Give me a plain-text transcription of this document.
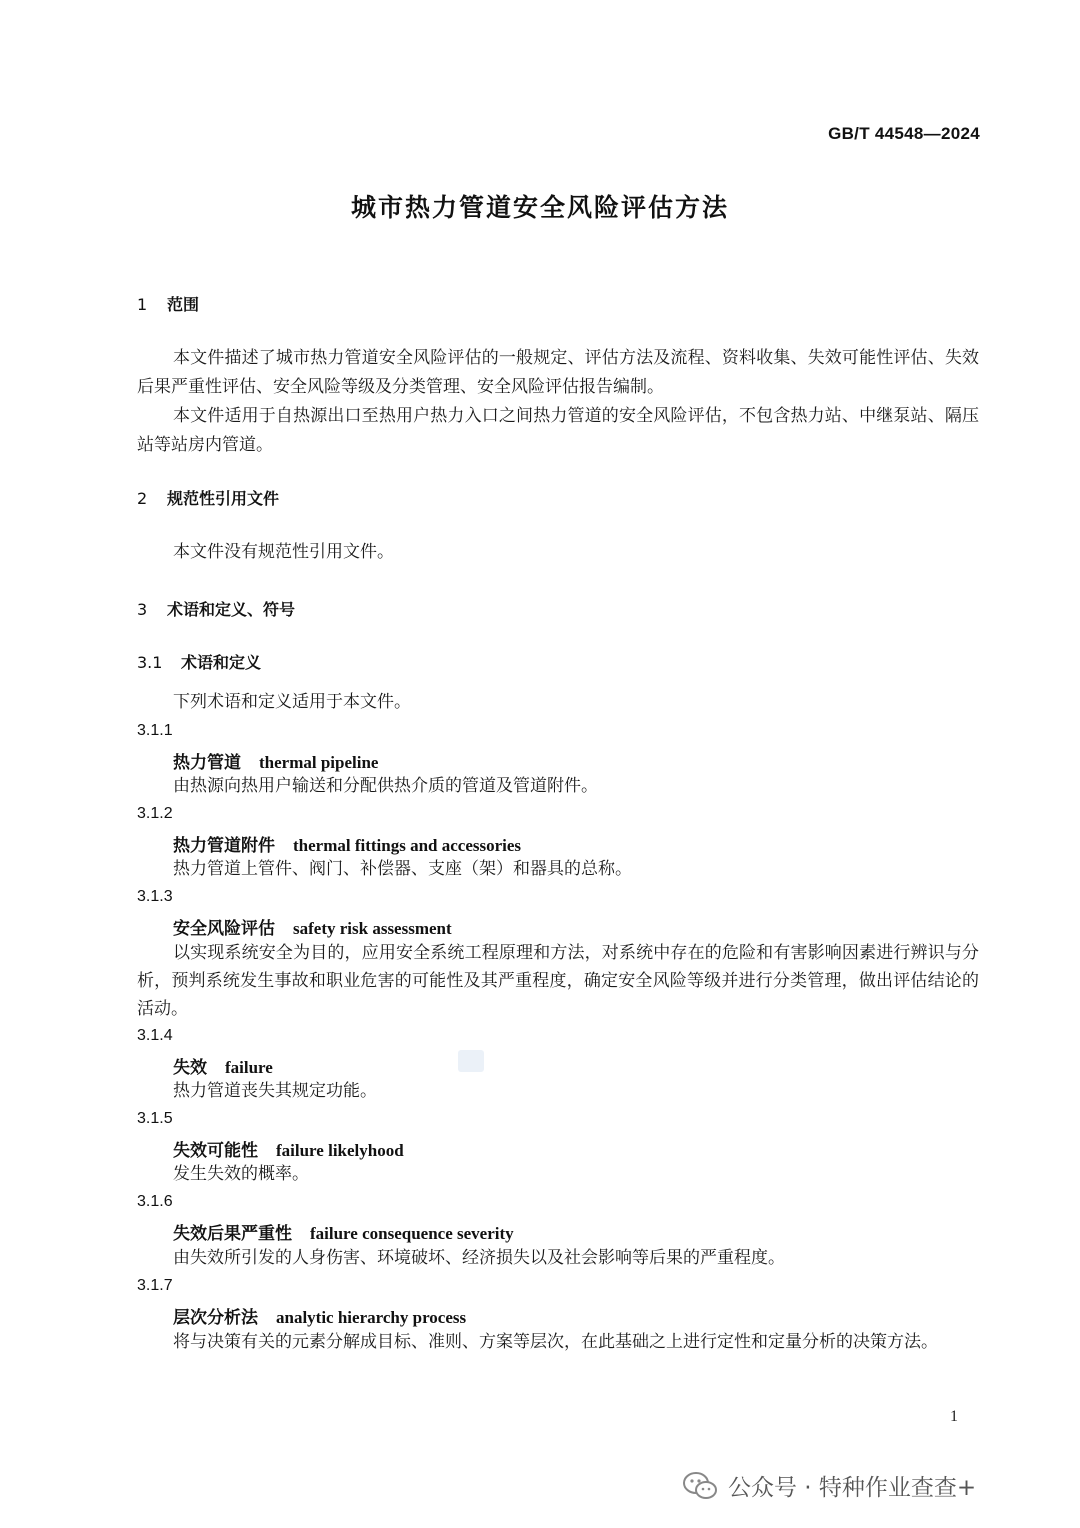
GB/T 44548—2024
城市热力管道安全风险评估方法
1 范围
本文件描述了城市热力管道安全风险评估的一般规定、评估方法及流程、资料收集、失效可能性评估、失效后果严重性评估、安全风险等级及分类管理、安全风险评估报告编制。
本文件适用于自热源出口至热用户热力入口之间热力管道的安全风险评估，不包含热力站、中继泵站、隔压站等站房内管道。
2 规范性引用文件
本文件没有规范性引用文件。
3 术语和定义、符号
3.1 术语和定义
下列术语和定义适用于本文件。
3.1.1
热力管道 thermal pipeline
由热源向热用户输送和分配供热介质的管道及管道附件。
3.1.2
热力管道附件 thermal fittings and accessories
热力管道上管件、阀门、补偿器、支座（架）和器具的总称。
3.1.3
安全风险评估 safety risk assessment
以实现系统安全为目的，应用安全系统工程原理和方法，对系统中存在的危险和有害影响因素进行辨识与分析，预判系统发生事故和职业危害的可能性及其严重程度，确定安全风险等级并进行分类管理，做出评估结论的活动。
3.1.4
失效 failure
热力管道丧失其规定功能。
3.1.5
失效可能性 failure likelyhood
发生失效的概率。
3.1.6
失效后果严重性 failure consequence severity
由失效所引发的人身伤害、环境破坏、经济损失以及社会影响等后果的严重程度。
3.1.7
层次分析法 analytic hierarchy process
将与决策有关的元素分解成目标、准则、方案等层次，在此基础之上进行定性和定量分析的决策方法。
1
公众号 · 特种作业查查+
